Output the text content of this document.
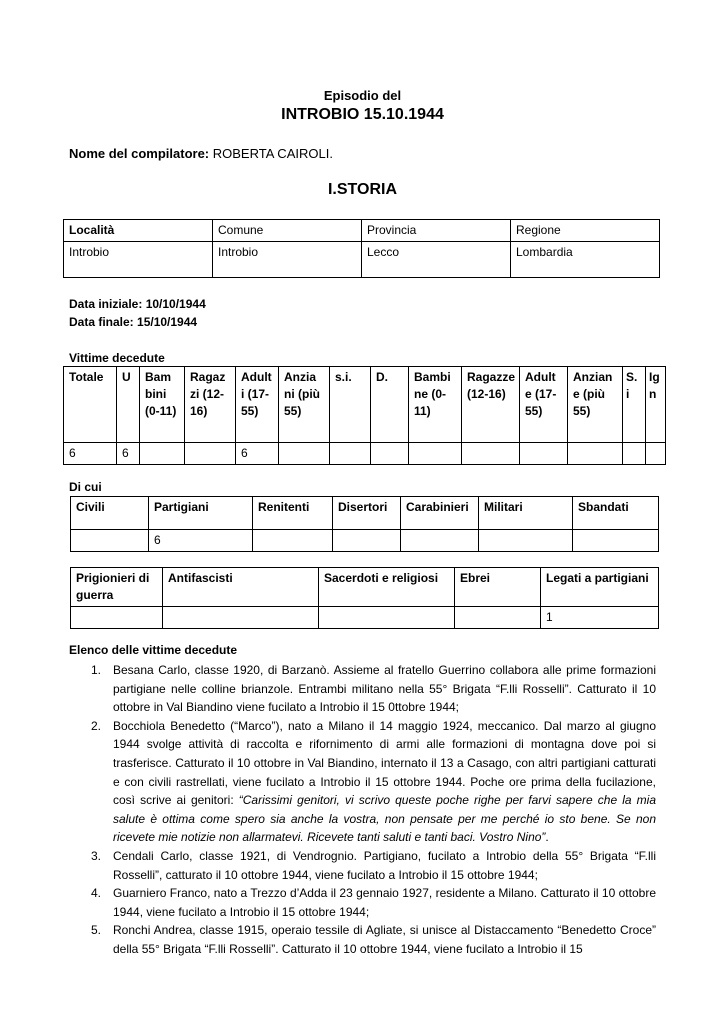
Episodio del
INTROBIO 15.10.1944
Nome del compilatore: ROBERTA CAIROLI.
I.STORIA
Località	Comune	Provincia	Regione
Introbio	Introbio	Lecco	Lombardia
Data iniziale: 10/10/1944
Data finale: 15/10/1944
Vittime decedute
Totale	U	Bam bini (0-11)	Ragaz zi (12-16)	Adult i (17-55)	Anzia ni (più 55)	s.i.	D.	Bambi ne (0-11)	Ragazze (12-16)	Adult e (17-55)	Anzian e (più 55)	S. i	Ig n
6	6			6									
Di cui
Civili	Partigiani	Renitenti	Disertori	Carabinieri	Militari	Sbandati
	6					
Prigionieri di guerra	Antifascisti	Sacerdoti e religiosi	Ebrei	Legati a partigiani
				1
Elenco delle vittime decedute
1. Besana Carlo, classe 1920, di Barzanò. Assieme al fratello Guerrino collabora alle prime formazioni partigiane nelle colline brianzole. Entrambi militano nella 55° Brigata “F.lli Rosselli”. Catturato il 10 ottobre in Val Biandino viene fucilato a Introbio il 15 0ttobre 1944;
2. Bocchiola Benedetto (“Marco”), nato a Milano il 14 maggio 1924, meccanico. Dal marzo al giugno 1944 svolge attività di raccolta e rifornimento di armi alle formazioni di montagna dove poi si trasferisce. Catturato il 10 ottobre in Val Biandino, internato il 13 a Casago, con altri partigiani catturati e con civili rastrellati, viene fucilato a Introbio il 15 ottobre 1944. Poche ore prima della fucilazione, così scrive ai genitori: “Carissimi genitori, vi scrivo queste poche righe per farvi sapere che la mia salute è ottima come spero sia anche la vostra, non pensate per me perché io sto bene. Se non ricevete mie notizie non allarmatevi. Ricevete tanti saluti e tanti baci. Vostro Nino”.
3. Cendali Carlo, classe 1921, di Vendrognio. Partigiano, fucilato a Introbio della 55° Brigata “F.lli Rosselli”, catturato il 10 ottobre 1944, viene fucilato a Introbio il 15 ottobre 1944;
4. Guarniero Franco, nato a Trezzo d’Adda il 23 gennaio 1927, residente a Milano. Catturato il 10 ottobre 1944, viene fucilato a Introbio il 15 ottobre 1944;
5. Ronchi Andrea, classe 1915, operaio tessile di Agliate, si unisce al Distaccamento “Benedetto Croce” della 55° Brigata “F.lli Rosselli”. Catturato il 10 ottobre 1944, viene fucilato a Introbio il 15
